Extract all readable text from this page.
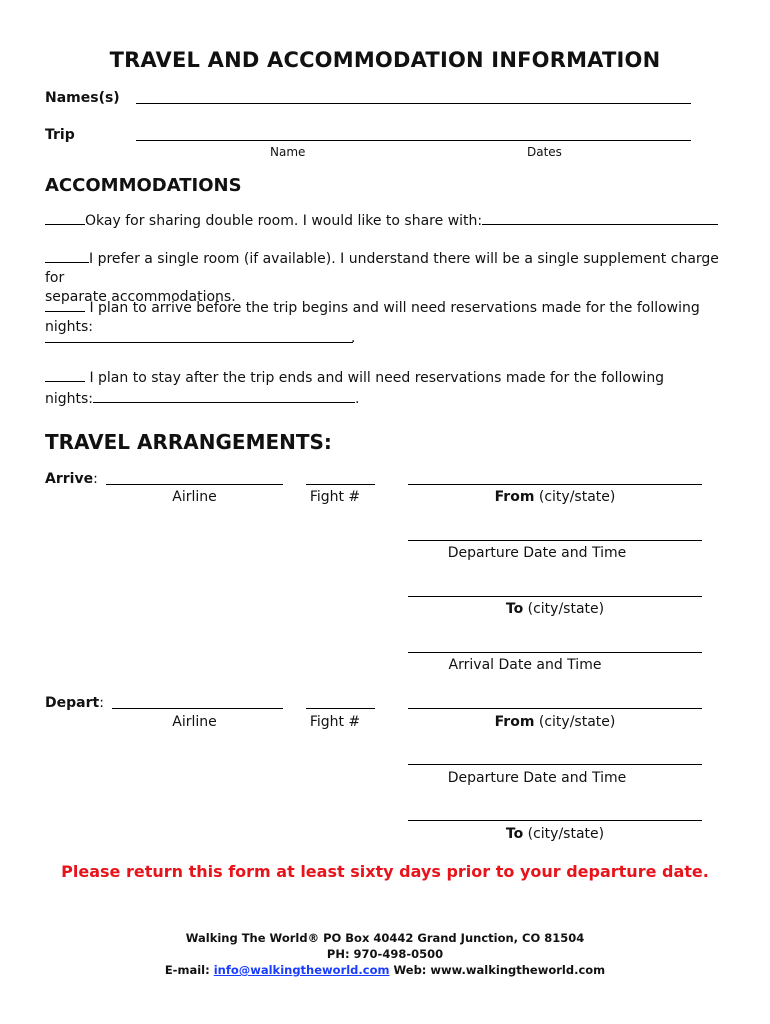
TRAVEL AND ACCOMMODATION INFORMATION
Names(s)
Trip
Name	Dates
ACCOMMODATIONS
Okay for sharing double room. I would like to share with:
I prefer a single room (if available). I understand there will be a single supplement charge for
separate accommodations.
I plan to arrive before the trip begins and will need reservations made for the following nights:
.
I plan to stay after the trip ends and will need reservations made for the following
nights:	.
TRAVEL ARRANGEMENTS:
Arrive:
Airline	Fight #	From (city/state)
Departure Date and Time
To (city/state)
Arrival Date and Time
Depart:
Airline	Fight #	From (city/state)
Departure Date and Time
To (city/state)
Please return this form at least sixty days prior to your departure date.
Walking The World® PO Box 40442 Grand Junction, CO 81504
PH: 970-498-0500
E-mail: info@walkingtheworld.com Web: www.walkingtheworld.com
